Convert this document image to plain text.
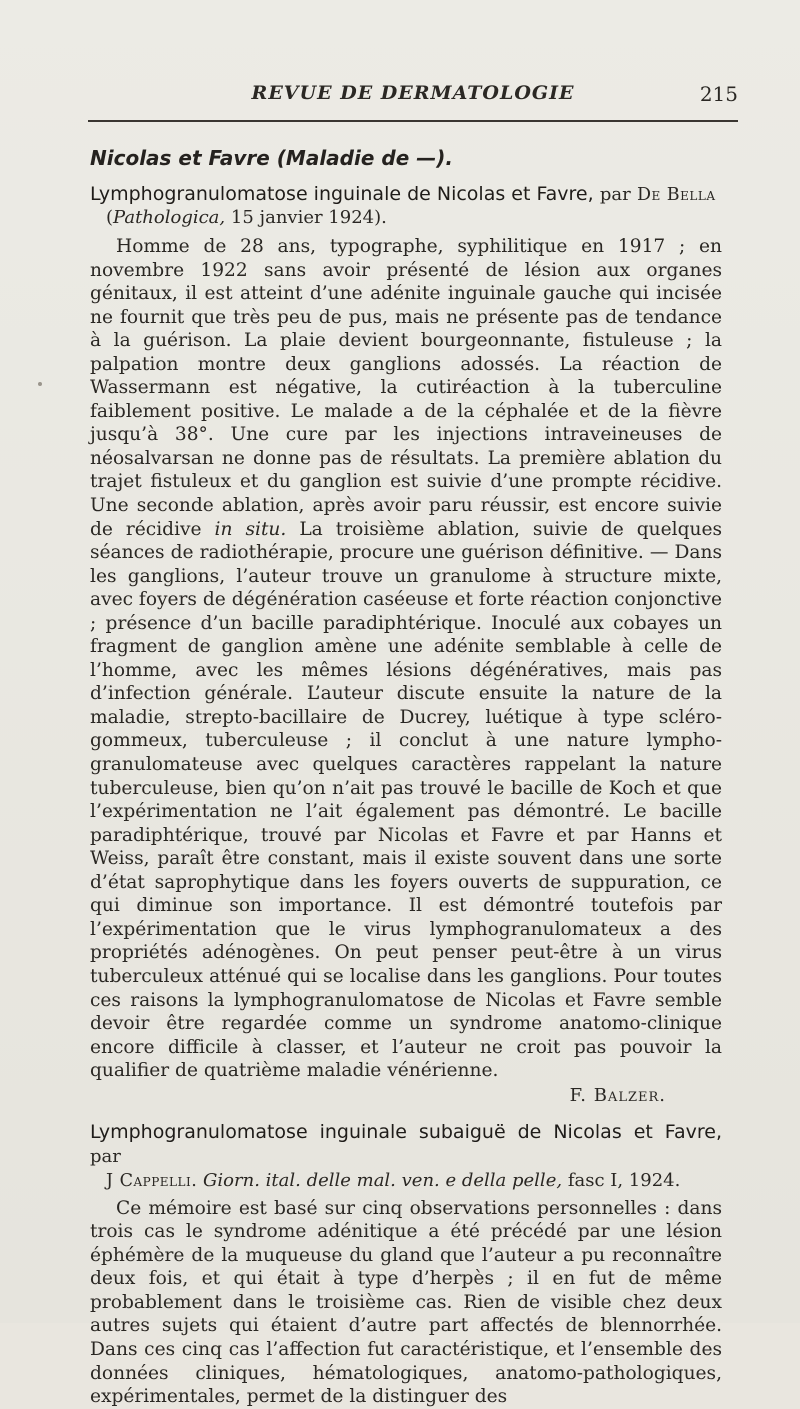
REVUE DE DERMATOLOGIE	215
Nicolas et Favre (Maladie de —).

Lymphogranulomatose inguinale de Nicolas et Favre, par De Bella

(Pathologica, 15 janvier 1924).

Homme de 28 ans, typographe, syphilitique en 1917 ; en novembre 1922 sans avoir présenté de lésion aux organes génitaux, il est atteint d’une adénite inguinale gauche qui incisée ne fournit que très peu de pus, mais ne présente pas de tendance à la guérison. La plaie devient bourgeonnante, fistuleuse ; la palpation montre deux ganglions adossés. La réaction de Wassermann est négative, la cutiréaction à la tuberculine faiblement positive. Le malade a de la céphalée et de la fièvre jusqu’à 38°. Une cure par les injections intraveineuses de néosalvarsan ne donne pas de résultats. La première ablation du trajet fistuleux et du ganglion est suivie d’une prompte récidive. Une seconde ablation, après avoir paru réussir, est encore suivie de récidive in situ. La troisième ablation, suivie de quelques séances de radiothérapie, procure une guérison définitive. — Dans les ganglions, l’auteur trouve un granulome à structure mixte, avec foyers de dégénération caséeuse et forte réaction conjonctive ; présence d’un bacille paradiphtérique. Inoculé aux cobayes un fragment de ganglion amène une adénite semblable à celle de l’homme, avec les mêmes lésions dégénératives, mais pas d’infection générale. L’auteur discute ensuite la nature de la maladie, strepto-bacillaire de Ducrey, luétique à type scléro-gommeux, tuberculeuse ; il conclut à une nature lympho-granulomateuse avec quelques caractères rappelant la nature tuberculeuse, bien qu’on n’ait pas trouvé le bacille de Koch et que l’expérimentation ne l’ait également pas démontré. Le bacille paradiphtérique, trouvé par Nicolas et Favre et par Hanns et Weiss, paraît être constant, mais il existe souvent dans une sorte d’état saprophytique dans les foyers ouverts de suppuration, ce qui diminue son importance. Il est démontré toutefois par l’expérimentation que le virus lymphogranulomateux a des propriétés adénogènes. On peut penser peut-être à un virus tuberculeux atténué qui se localise dans les ganglions. Pour toutes ces raisons la lymphogranulomatose de Nicolas et Favre semble devoir être regardée comme un syndrome anatomo-clinique encore difficile à classer, et l’auteur ne croit pas pouvoir la qualifier de quatrième maladie vénérienne.

F. Balzer.

Lymphogranulomatose inguinale subaiguë de Nicolas et Favre, par

J Cappelli. Giorn. ital. delle mal. ven. e della pelle, fasc I, 1924.

Ce mémoire est basé sur cinq observations personnelles : dans trois cas le syndrome adénitique a été précédé par une lésion éphémère de la muqueuse du gland que l’auteur a pu reconnaître deux fois, et qui était à type d’herpès ; il en fut de même probablement dans le troisième cas. Rien de visible chez deux autres sujets qui étaient d’autre part affectés de blennorrhée. Dans ces cinq cas l’affection fut caractéristique, et l’ensemble des données cliniques, hématologiques, anatomo-pathologiques, expérimentales, permet de la distinguer des
